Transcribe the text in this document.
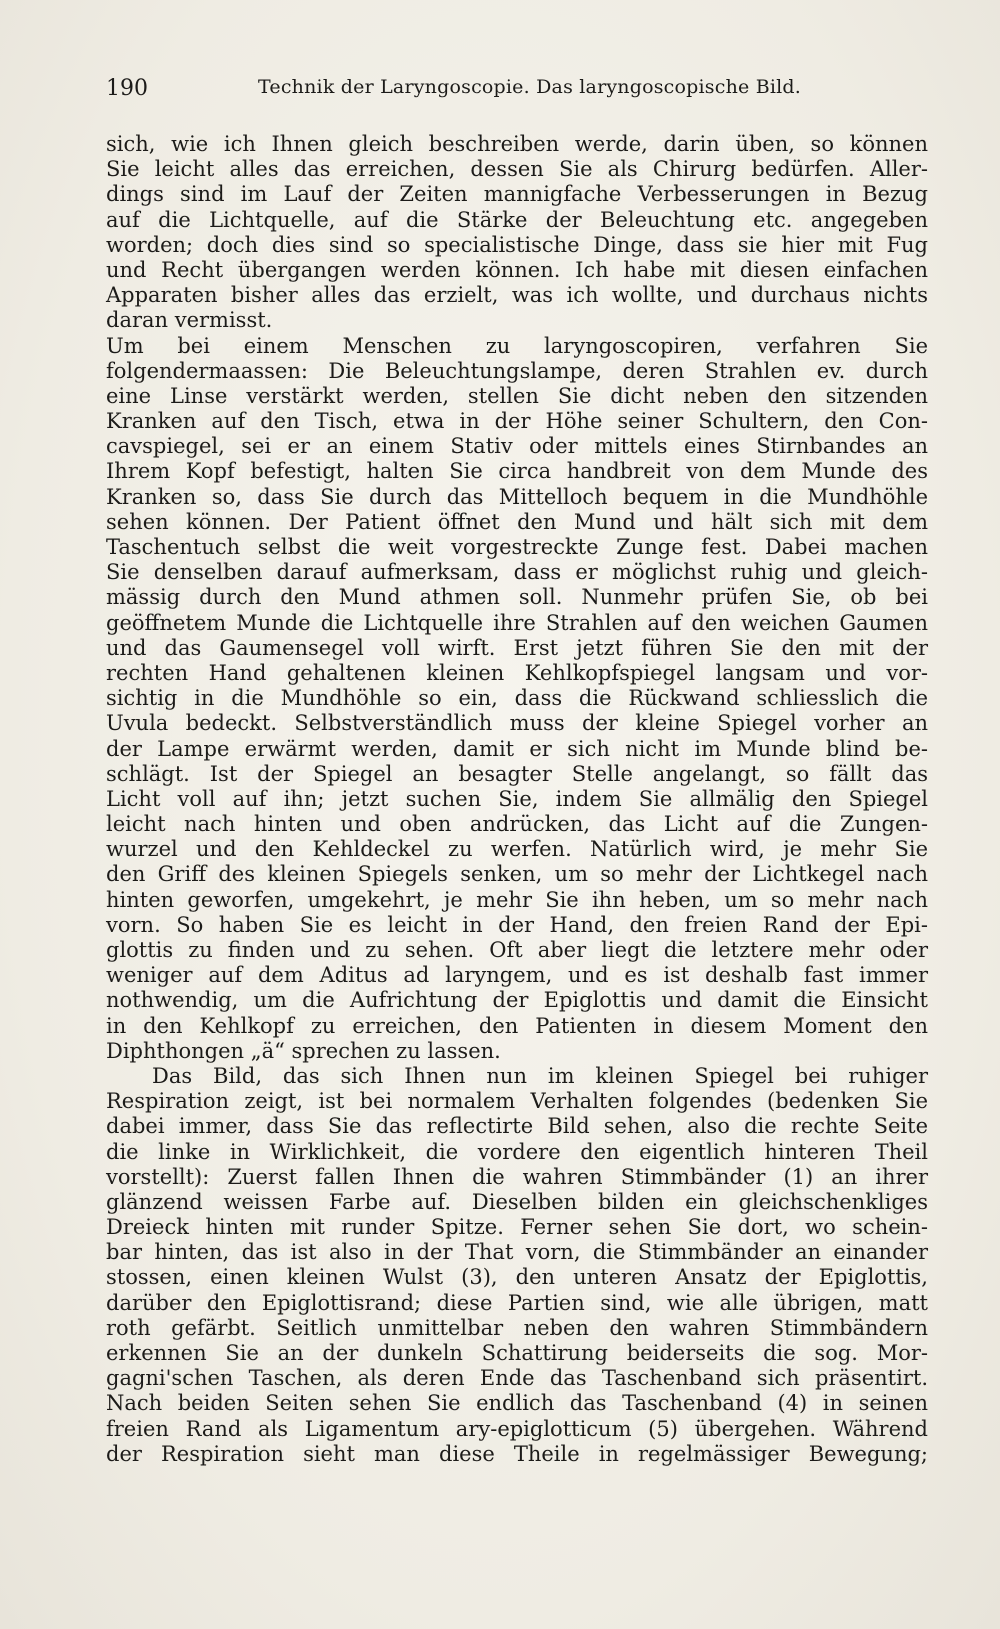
190	Technik der Laryngoscopie. Das laryngoscopische Bild.
sich, wie ich Ihnen gleich beschreiben werde, darin üben, so können
Sie leicht alles das erreichen, dessen Sie als Chirurg bedürfen. Aller-
dings sind im Lauf der Zeiten mannigfache Verbesserungen in Bezug
auf die Lichtquelle, auf die Stärke der Beleuchtung etc. angegeben
worden; doch dies sind so specialistische Dinge, dass sie hier mit Fug
und Recht übergangen werden können. Ich habe mit diesen einfachen
Apparaten bisher alles das erzielt, was ich wollte, und durchaus nichts
daran vermisst.
Um bei einem Menschen zu laryngoscopiren, verfahren Sie
folgendermaassen: Die Beleuchtungslampe, deren Strahlen ev. durch
eine Linse verstärkt werden, stellen Sie dicht neben den sitzenden
Kranken auf den Tisch, etwa in der Höhe seiner Schultern, den Con-
cavspiegel, sei er an einem Stativ oder mittels eines Stirnbandes an
Ihrem Kopf befestigt, halten Sie circa handbreit von dem Munde des
Kranken so, dass Sie durch das Mittelloch bequem in die Mundhöhle
sehen können. Der Patient öffnet den Mund und hält sich mit dem
Taschentuch selbst die weit vorgestreckte Zunge fest. Dabei machen
Sie denselben darauf aufmerksam, dass er möglichst ruhig und gleich-
mässig durch den Mund athmen soll. Nunmehr prüfen Sie, ob bei
geöffnetem Munde die Lichtquelle ihre Strahlen auf den weichen Gaumen
und das Gaumensegel voll wirft. Erst jetzt führen Sie den mit der
rechten Hand gehaltenen kleinen Kehlkopfspiegel langsam und vor-
sichtig in die Mundhöhle so ein, dass die Rückwand schliesslich die
Uvula bedeckt. Selbstverständlich muss der kleine Spiegel vorher an
der Lampe erwärmt werden, damit er sich nicht im Munde blind be-
schlägt. Ist der Spiegel an besagter Stelle angelangt, so fällt das
Licht voll auf ihn; jetzt suchen Sie, indem Sie allmälig den Spiegel
leicht nach hinten und oben andrücken, das Licht auf die Zungen-
wurzel und den Kehldeckel zu werfen. Natürlich wird, je mehr Sie
den Griff des kleinen Spiegels senken, um so mehr der Lichtkegel nach
hinten geworfen, umgekehrt, je mehr Sie ihn heben, um so mehr nach
vorn. So haben Sie es leicht in der Hand, den freien Rand der Epi-
glottis zu finden und zu sehen. Oft aber liegt die letztere mehr oder
weniger auf dem Aditus ad laryngem, und es ist deshalb fast immer
nothwendig, um die Aufrichtung der Epiglottis und damit die Einsicht
in den Kehlkopf zu erreichen, den Patienten in diesem Moment den
Diphthongen „ä“ sprechen zu lassen.
Das Bild, das sich Ihnen nun im kleinen Spiegel bei ruhiger
Respiration zeigt, ist bei normalem Verhalten folgendes (bedenken Sie
dabei immer, dass Sie das reflectirte Bild sehen, also die rechte Seite
die linke in Wirklichkeit, die vordere den eigentlich hinteren Theil
vorstellt): Zuerst fallen Ihnen die wahren Stimmbänder (1) an ihrer
glänzend weissen Farbe auf. Dieselben bilden ein gleichschenkliges
Dreieck hinten mit runder Spitze. Ferner sehen Sie dort, wo schein-
bar hinten, das ist also in der That vorn, die Stimmbänder an einander
stossen, einen kleinen Wulst (3), den unteren Ansatz der Epiglottis,
darüber den Epiglottisrand; diese Partien sind, wie alle übrigen, matt
roth gefärbt. Seitlich unmittelbar neben den wahren Stimmbändern
erkennen Sie an der dunkeln Schattirung beiderseits die sog. Mor-
gagni'schen Taschen, als deren Ende das Taschenband sich präsentirt.
Nach beiden Seiten sehen Sie endlich das Taschenband (4) in seinen
freien Rand als Ligamentum ary-epiglotticum (5) übergehen. Während
der Respiration sieht man diese Theile in regelmässiger Bewegung;
